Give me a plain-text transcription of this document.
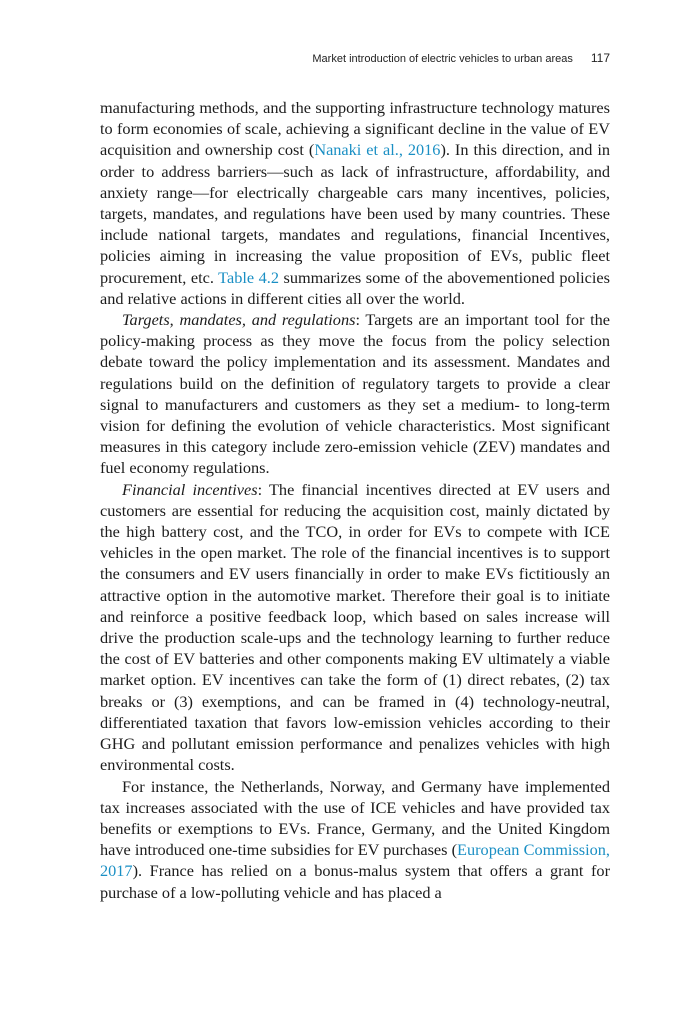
Market introduction of electric vehicles to urban areas 117

manufacturing methods, and the supporting infrastructure technology matures to form economies of scale, achieving a significant decline in the value of EV acquisition and ownership cost (Nanaki et al., 2016). In this direction, and in order to address barriers—such as lack of infrastructure, affordability, and anxiety range—for electrically chargeable cars many incentives, policies, targets, mandates, and regulations have been used by many countries. These include national targets, mandates and regulations, financial Incentives, policies aiming in increasing the value proposition of EVs, public fleet procurement, etc. Table 4.2 summarizes some of the abovementioned policies and relative actions in different cities all over the world.

Targets, mandates, and regulations: Targets are an important tool for the policy-making process as they move the focus from the policy selection debate toward the policy implementation and its assessment. Mandates and regulations build on the definition of regulatory targets to provide a clear signal to manufacturers and customers as they set a medium- to long-term vision for defining the evolution of vehicle characteristics. Most significant measures in this category include zero-emission vehicle (ZEV) mandates and fuel economy regulations.

Financial incentives: The financial incentives directed at EV users and customers are essential for reducing the acquisition cost, mainly dictated by the high battery cost, and the TCO, in order for EVs to compete with ICE vehicles in the open market. The role of the financial incentives is to support the consumers and EV users financially in order to make EVs fictitiously an attractive option in the automotive market. Therefore their goal is to initiate and reinforce a positive feedback loop, which based on sales increase will drive the production scale-ups and the technology learning to further reduce the cost of EV batteries and other components making EV ultimately a viable market option. EV incentives can take the form of (1) direct rebates, (2) tax breaks or (3) exemptions, and can be framed in (4) technology-neutral, differentiated taxation that favors low-emission vehicles according to their GHG and pollutant emission performance and penalizes vehicles with high environmental costs.

For instance, the Netherlands, Norway, and Germany have implemented tax increases associated with the use of ICE vehicles and have provided tax benefits or exemptions to EVs. France, Germany, and the United Kingdom have introduced one-time subsidies for EV purchases (European Commission, 2017). France has relied on a bonus-malus system that offers a grant for purchase of a low-polluting vehicle and has placed a
